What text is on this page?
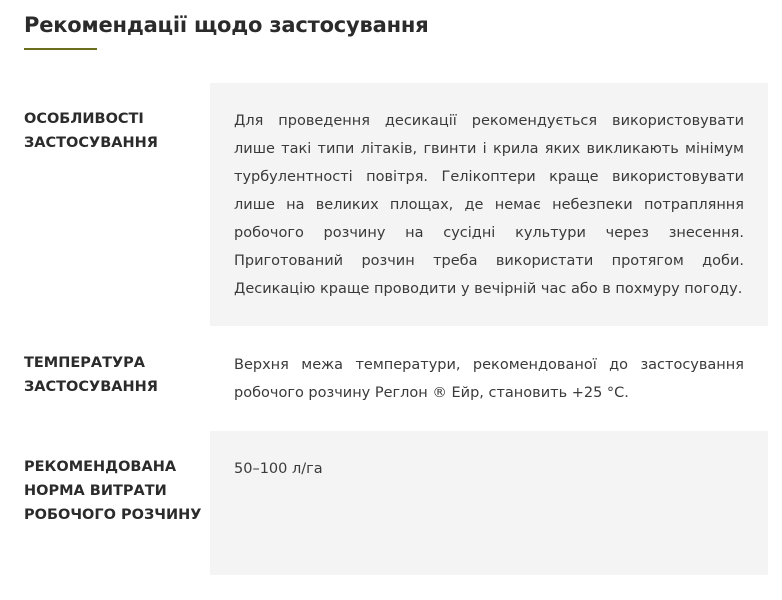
Рекомендації щодо застосування
ОСОБЛИВОСТІ ЗАСТОСУВАННЯ

Для проведення десикації рекомендується використовувати лише такі типи літаків, гвинти і крила яких викликають мінімум турбулентності повітря. Гелікоптери краще використовувати лише на великих площах, де немає небезпеки потрапляння робочого розчину на сусідні культури через знесення. Приготований розчин треба використати протягом доби. Десикацію краще проводити у вечірній час або в похмуру погоду.

ТЕМПЕРАТУРА ЗАСТОСУВАННЯ

Верхня межа температури, рекомендованої до застосування робочого розчину Реглон ® Ейр, становить +25 °С.

РЕКОМЕНДОВАНА НОРМА ВИТРАТИ РОБОЧОГО РОЗЧИНУ

50–100 л/га
